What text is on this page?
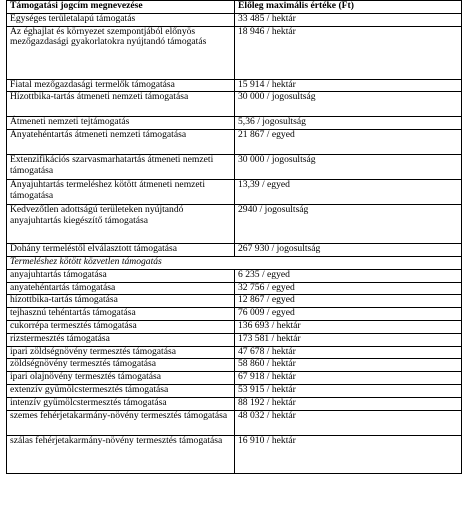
Támogatási jogcím megnevezése	Előleg maximális értéke (Ft)
Egységes területalapú támogatás	33 485 / hektár
Az éghajlat és környezet szempontjából előnyös mezőgazdasági gyakorlatokra nyújtandó támogatás	18 946 / hektár
Fiatal mezőgazdasági termelők támogatása	15 914 / hektár
Hízottbika-tartás átmeneti nemzeti támogatása	30 000 / jogosultság
Átmeneti nemzeti tejtámogatás	5,36 / jogosultság
Anyatehéntartás átmeneti nemzeti támogatása	21 867 / egyed
Extenzifikációs szarvasmarhatartás átmeneti nemzeti támogatása	30 000 / jogosultság
Anyajuhtartás termeléshez kötött átmeneti nemzeti támogatása	13,39 / egyed
Kedvezőtlen adottságú területeken nyújtandó anyajuhtartás kiegészítő támogatása	2940 / jogosultság
Dohány termeléstől elválasztott támogatása	267 930 / jogosultság
Termeléshez kötött közvetlen támogatás	
anyajuhtartás támogatása	6 235 / egyed
anyatehéntartás támogatása	32 756 / egyed
hízottbika-tartás támogatása	12 867 / egyed
tejhasznú tehéntartás támogatása	76 009 / egyed
cukorrépa termesztés támogatása	136 693 / hektár
rizstermesztés támogatása	173 581 / hektár
ipari zöldségnövény termesztés támogatása	47 678 / hektár
zöldségnövény termesztés támogatása	58 860 / hektár
ipari olajnövény termesztés támogatása	67 918 / hektár
extenzív gyümölcstermesztés támogatása	53 915 / hektár
intenzív gyümölcstermesztés támogatása	88 192 / hektár
szemes fehérjetakarmány-növény termesztés támogatása	48 032 / hektár
szálas fehérjetakarmány-növény termesztés támogatása	16 910 / hektár
